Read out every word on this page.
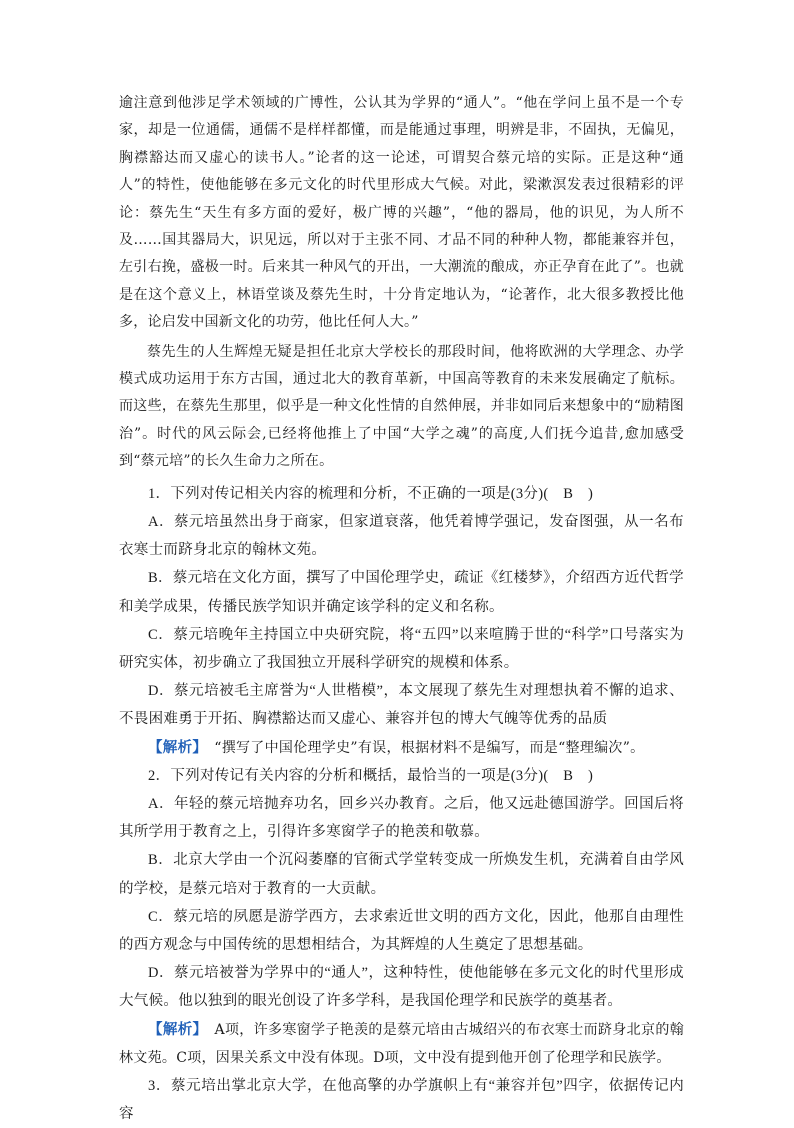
逾注意到他涉足学术领域的广博性，公认其为学界的“通人”。“他在学问上虽不是一个专家，却是一位通儒，通儒不是样样都懂，而是能通过事理，明辨是非，不固执，无偏见，胸襟豁达而又虚心的读书人。”论者的这一论述，可谓契合蔡元培的实际。正是这种“通人”的特性，使他能够在多元文化的时代里形成大气候。对此，梁漱溟发表过很精彩的评论：蔡先生“天生有多方面的爱好，极广博的兴趣”，“他的器局，他的识见，为人所不及……国其器局大，识见远，所以对于主张不同、才品不同的种种人物，都能兼容并包，左引右挽，盛极一时。后来其一种风气的开出，一大潮流的酿成，亦正孕育在此了”。也就是在这个意义上，林语堂谈及蔡先生时，十分肯定地认为，“论著作，北大很多教授比他多，论启发中国新文化的功劳，他比任何人大。”

蔡先生的人生辉煌无疑是担任北京大学校长的那段时间，他将欧洲的大学理念、办学模式成功运用于东方古国，通过北大的教育革新，中国高等教育的未来发展确定了航标。而这些，在蔡先生那里，似乎是一种文化性情的自然伸展，并非如同后来想象中的“励精图治”。时代的风云际会,已经将他推上了中国“大学之魂”的高度,人们抚今追昔,愈加感受到“蔡元培”的长久生命力之所在。

1．下列对传记相关内容的梳理和分析，不正确的一项是(3分)(　B　)

A．蔡元培虽然出身于商家，但家道衰落，他凭着博学强记，发奋图强，从一名布衣寒士而跻身北京的翰林文苑。

B．蔡元培在文化方面，撰写了中国伦理学史，疏证《红楼梦》，介绍西方近代哲学和美学成果，传播民族学知识并确定该学科的定义和名称。

C．蔡元培晚年主持国立中央研究院，将“五四”以来喧腾于世的“科学”口号落实为研究实体，初步确立了我国独立开展科学研究的规模和体系。

D．蔡元培被毛主席誉为“人世楷模”，本文展现了蔡先生对理想执着不懈的追求、不畏困难勇于开拓、胸襟豁达而又虚心、兼容并包的博大气魄等优秀的品质

【解析】　“撰写了中国伦理学史”有误，根据材料不是编写，而是“整理编次”。

2．下列对传记有关内容的分析和概括，最恰当的一项是(3分)(　B　)

A．年轻的蔡元培抛弃功名，回乡兴办教育。之后，他又远赴德国游学。回国后将其所学用于教育之上，引得许多寒窗学子的艳羡和敬慕。

B．北京大学由一个沉闷萎靡的官衙式学堂转变成一所焕发生机，充满着自由学风的学校，是蔡元培对于教育的一大贡献。

C．蔡元培的夙愿是游学西方，去求索近世文明的西方文化，因此，他那自由理性的西方观念与中国传统的思想相结合，为其辉煌的人生奠定了思想基础。

D．蔡元培被誉为学界中的“通人”，这种特性，使他能够在多元文化的时代里形成大气候。他以独到的眼光创设了许多学科，是我国伦理学和民族学的奠基者。

【解析】　A项，许多寒窗学子艳羡的是蔡元培由古城绍兴的布衣寒士而跻身北京的翰林文苑。C项，因果关系文中没有体现。D项，文中没有提到他开创了伦理学和民族学。

3．蔡元培出掌北京大学，在他高擎的办学旗帜上有“兼容并包”四字，依据传记内容
